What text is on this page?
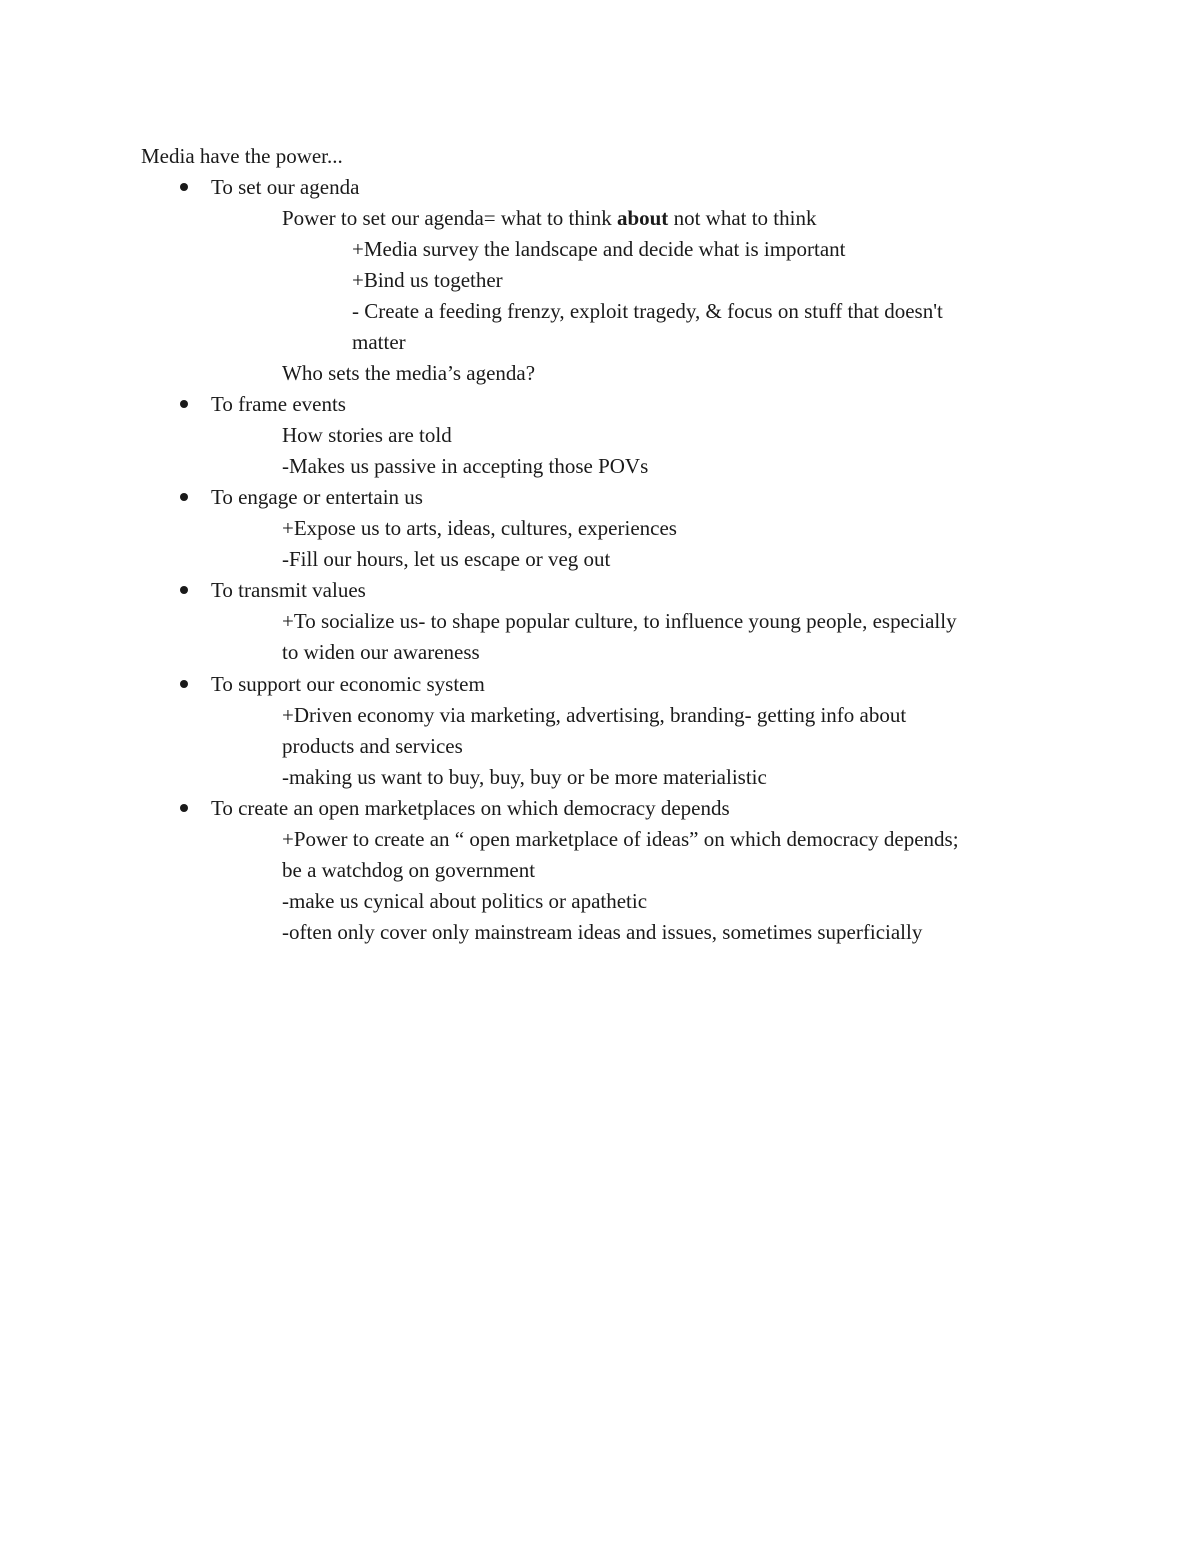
Media have the power...
To set our agenda
Power to set our agenda= what to think about not what to think
+Media survey the landscape and decide what is important
+Bind us together
- Create a feeding frenzy, exploit tragedy, & focus on stuff that doesn't
matter
Who sets the media’s agenda?
To frame events
How stories are told
-Makes us passive in accepting those POVs
To engage or entertain us
+Expose us to arts, ideas, cultures, experiences
-Fill our hours, let us escape or veg out
To transmit values
+To socialize us- to shape popular culture, to influence young people, especially
to widen our awareness
To support our economic system
+Driven economy via marketing, advertising, branding- getting info about
products and services
-making us want to buy, buy, buy or be more materialistic
To create an open marketplaces on which democracy depends
+Power to create an “ open marketplace of ideas” on which democracy depends;
be a watchdog on government
-make us cynical about politics or apathetic
-often only cover only mainstream ideas and issues, sometimes superficially
